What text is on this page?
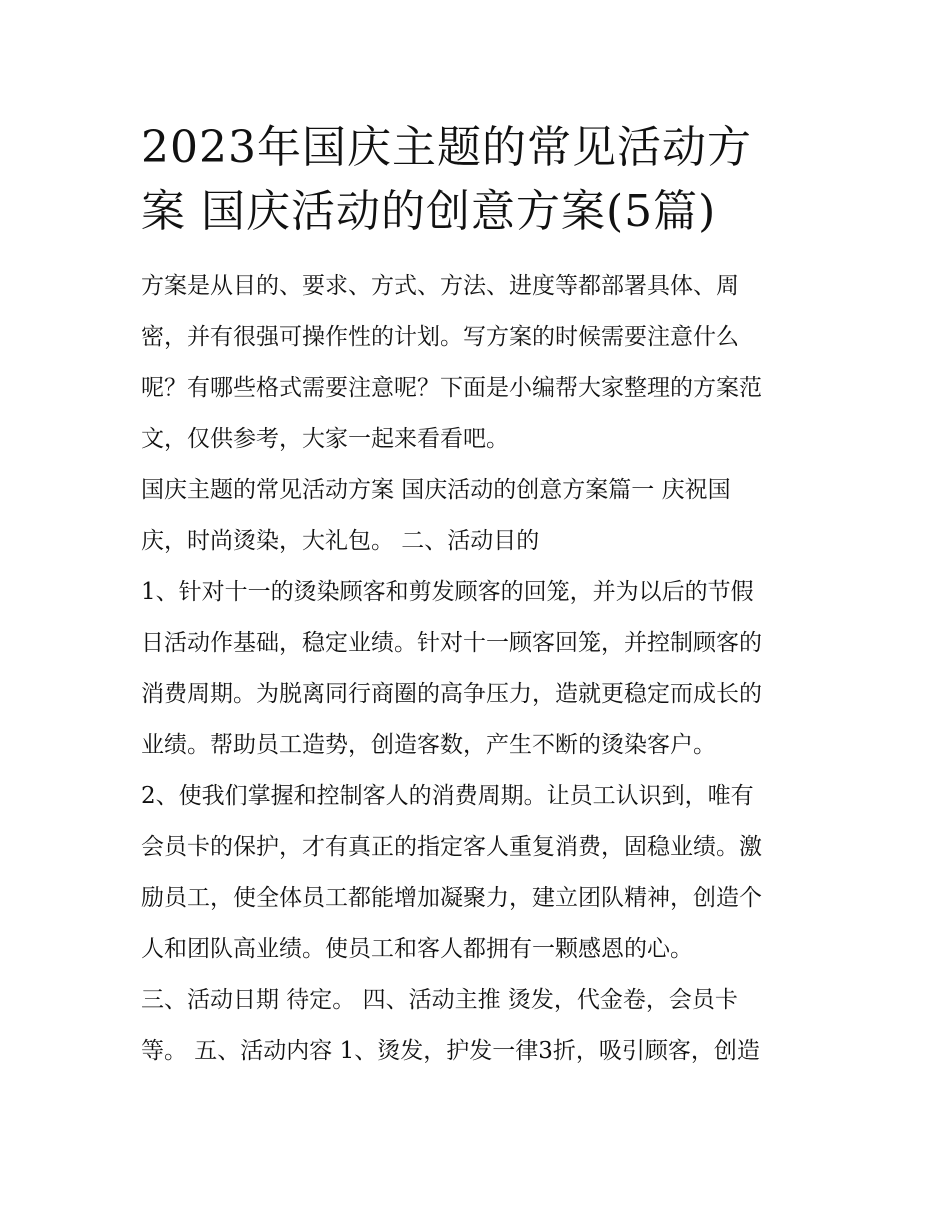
2023年国庆主题的常见活动方
案 国庆活动的创意方案(5篇)
方案是从目的、要求、方式、方法、进度等都部署具体、周
密，并有很强可操作性的计划。写方案的时候需要注意什么
呢？有哪些格式需要注意呢？下面是小编帮大家整理的方案范
文，仅供参考，大家一起来看看吧。
国庆主题的常见活动方案 国庆活动的创意方案篇一 庆祝国
庆，时尚烫染，大礼包。 二、活动目的
1、针对十一的烫染顾客和剪发顾客的回笼，并为以后的节假
日活动作基础，稳定业绩。针对十一顾客回笼，并控制顾客的
消费周期。为脱离同行商圈的高争压力，造就更稳定而成长的
业绩。帮助员工造势，创造客数，产生不断的烫染客户。
2、使我们掌握和控制客人的消费周期。让员工认识到，唯有
会员卡的保护，才有真正的指定客人重复消费，固稳业绩。激
励员工，使全体员工都能增加凝聚力，建立团队精神，创造个
人和团队高业绩。使员工和客人都拥有一颗感恩的心。
三、活动日期 待定。 四、活动主推 烫发，代金卷，会员卡
等。 五、活动内容 1、烫发，护发一律3折，吸引顾客，创造
